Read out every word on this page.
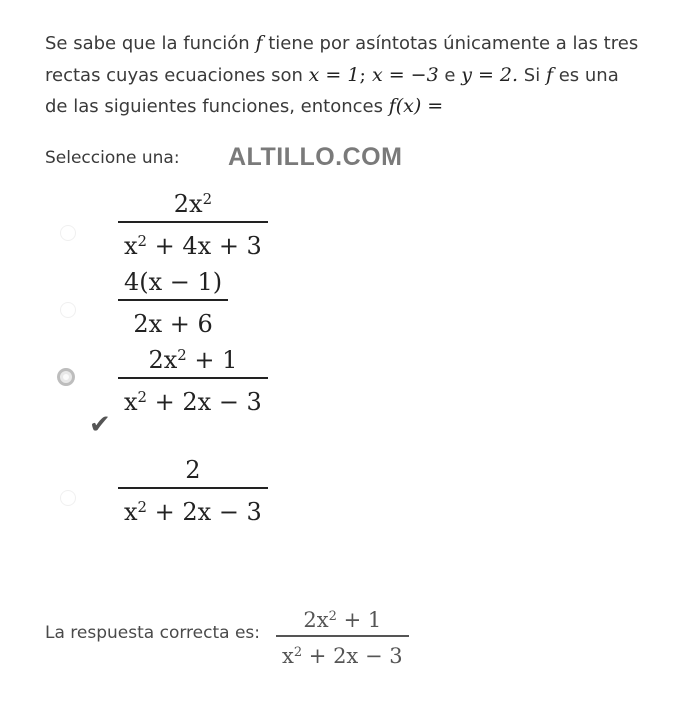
Se sabe que la función f tiene por asíntotas únicamente a las tres rectas cuyas ecuaciones son x = 1; x = −3 e y = 2. Si f es una de las siguientes funciones, entonces f(x) =
Seleccione una: ALTILLO.COM
$2x^2$
$x^2 + 4x + 3$
4(x − 1)
2x + 6
$2x^2 + 1$
$x^2 + 2x - 3$
✔
2
$x^2 + 2x - 3$
La respuesta correcta es:
$2x^2 + 1$
$x^2 + 2x - 3$
